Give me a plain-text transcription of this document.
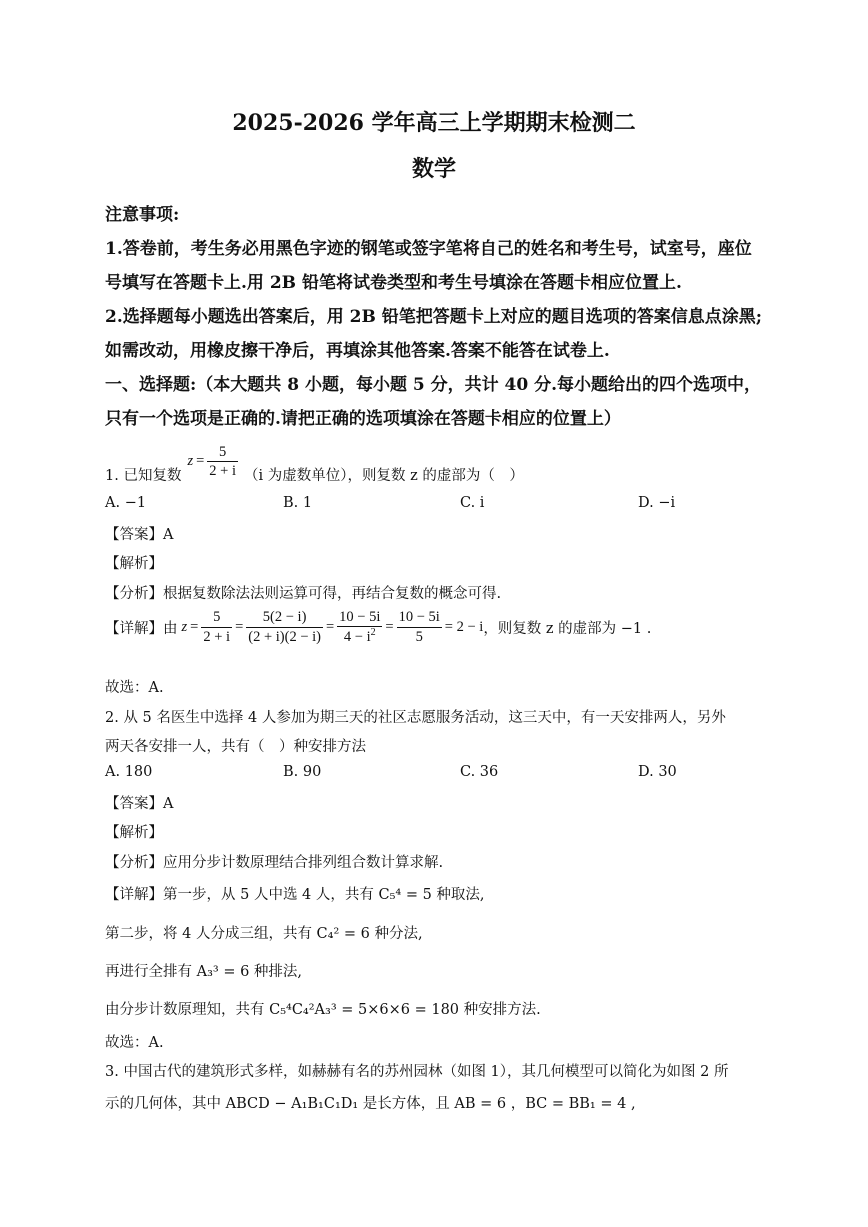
2025-2026 学年高三上学期期末检测二
数学
注意事项:
1.答卷前，考生务必用黑色字迹的钢笔或签字笔将自己的姓名和考生号，试室号，座位
号填写在答题卡上.用 2B 铅笔将试卷类型和考生号填涂在答题卡相应位置上.
2.选择题每小题选出答案后，用 2B 铅笔把答题卡上对应的题目选项的答案信息点涂黑;
如需改动，用橡皮擦干净后，再填涂其他答案.答案不能答在试卷上.
一、选择题:（本大题共 8 小题，每小题 5 分，共计 40 分.每小题给出的四个选项中，
只有一个选项是正确的.请把正确的选项填涂在答题卡相应的位置上）
1. 已知复数
$z = \frac{5}{2 + i} (i$ 为虚数单位），则复数 z 的虚部为（　）
A. −1	B. 1	C. i	D. −i
【答案】A
【解析】
【分析】根据复数除法法则运算可得，再结合复数的概念可得.
【详解】由 $z = \frac{5}{2 + i} = \frac{5(2 - i)}{(2 + i)(2 - i)} = \frac{10 - 5i}{4 - i^2} = \frac{10 - 5i}{5} = 2 - i$ ，则复数 z 的虚部为 −1 .
故选：A.
2. 从 5 名医生中选择 4 人参加为期三天的社区志愿服务活动，这三天中，有一天安排两人，另外
两天各安排一人，共有（　）种安排方法
A. 180	B. 90	C. 36	D. 30
【答案】A
【解析】
【分析】应用分步计数原理结合排列组合数计算求解.
【详解】第一步，从 5 人中选 4 人，共有 C₅⁴ = 5 种取法,
第二步，将 4 人分成三组，共有 C₄² = 6 种分法,
再进行全排有 A₃³ = 6 种排法,
由分步计数原理知，共有 C₅⁴C₄²A₃³ = 5×6×6 = 180 种安排方法.
故选：A.
3. 中国古代的建筑形式多样，如赫赫有名的苏州园林（如图 1），其几何模型可以简化为如图 2 所
示的几何体，其中 ABCD − A₁B₁C₁D₁ 是长方体，且 AB = 6 ，BC = BB₁ = 4 ,
